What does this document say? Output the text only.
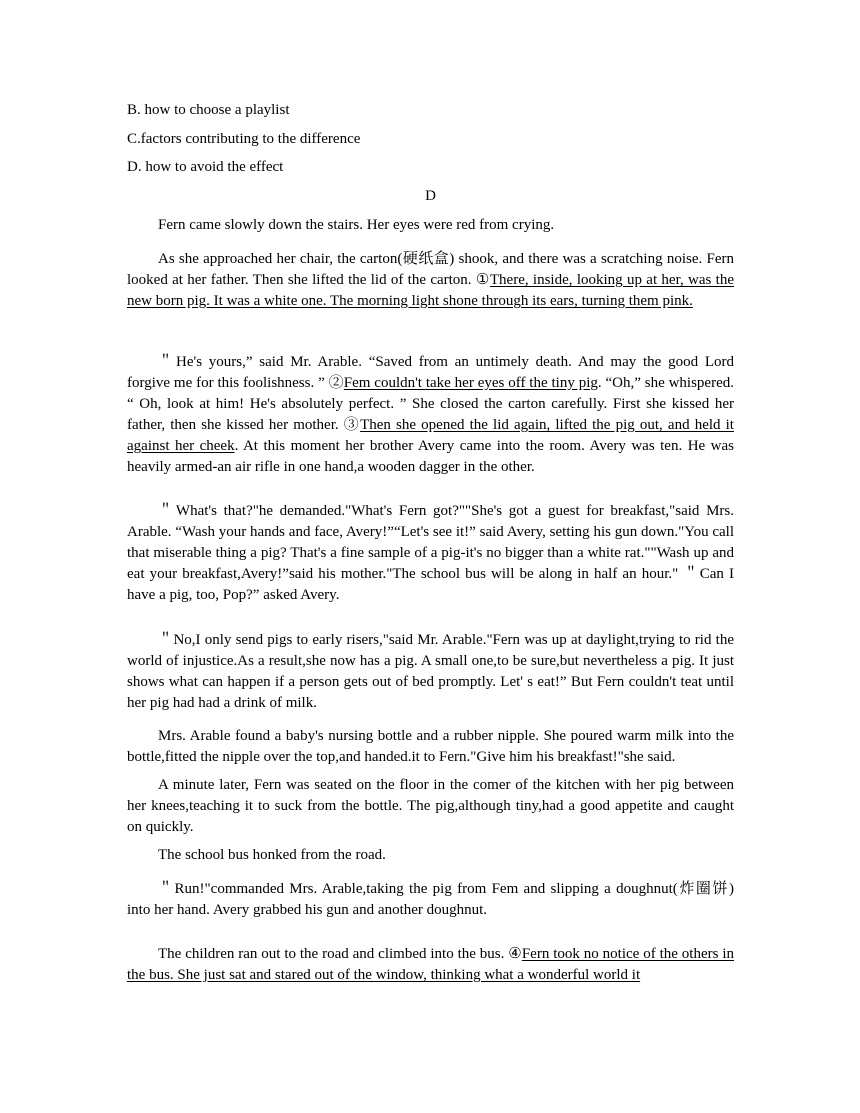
B. how to choose a playlist
C.factors contributing to the difference
D. how to avoid the effect
D
Fern came slowly down the stairs. Her eyes were red from crying.
As she approached her chair, the carton(硬纸盒) shook, and there was a scratching noise. Fern looked at her father. Then she lifted the lid of the carton. ①There, inside, looking up at her, was the new born pig. It was a white one. The morning light shone through its ears, turning them pink.
＂He's yours,” said Mr. Arable. “Saved from an untimely death. And may the good Lord forgive me for this foolishness. ” ②Fem couldn't take her eyes off the tiny pig. “Oh,” she whispered. “ Oh, look at him! He's absolutely perfect. ” She closed the carton carefully. First she kissed her father, then she kissed her mother. ③Then she opened the lid again, lifted the pig out, and held it against her cheek. At this moment her brother Avery came into the room. Avery was ten. He was heavily armed-an air rifle in one hand,a wooden dagger in the other.
＂What's that?"he demanded."What's Fern got?""She's got a guest for breakfast,"said Mrs. Arable. “Wash your hands and face, Avery!”“Let's see it!” said Avery, setting his gun down."You call that miserable thing a pig? That's a fine sample of a pig-it's no bigger than a white rat.""Wash up and eat your breakfast,Avery!”said his mother."The school bus will be along in half an hour." ＂Can I have a pig, too, Pop?” asked Avery.
＂No,I only send pigs to early risers,"said Mr. Arable."Fern was up at daylight,trying to rid the world of injustice.As a result,she now has a pig. A small one,to be sure,but nevertheless a pig. It just shows what can happen if a person gets out of bed promptly. Let' s eat!” But Fern couldn't teat until her pig had had a drink of milk.
Mrs. Arable found a baby's nursing bottle and a rubber nipple. She poured warm milk into the bottle,fitted the nipple over the top,and handed.it to Fern."Give him his breakfast!"she said.
A minute later, Fern was seated on the floor in the comer of the kitchen with her pig between her knees,teaching it to suck from the bottle. The pig,although tiny,had a good appetite and caught on quickly.
The school bus honked from the road.
＂Run!"commanded Mrs. Arable,taking the pig from Fem and slipping a doughnut(炸圈饼) into her hand. Avery grabbed his gun and another doughnut.
The children ran out to the road and climbed into the bus. ④Fern took no notice of the others in the bus. She just sat and stared out of the window, thinking what a wonderful world it
